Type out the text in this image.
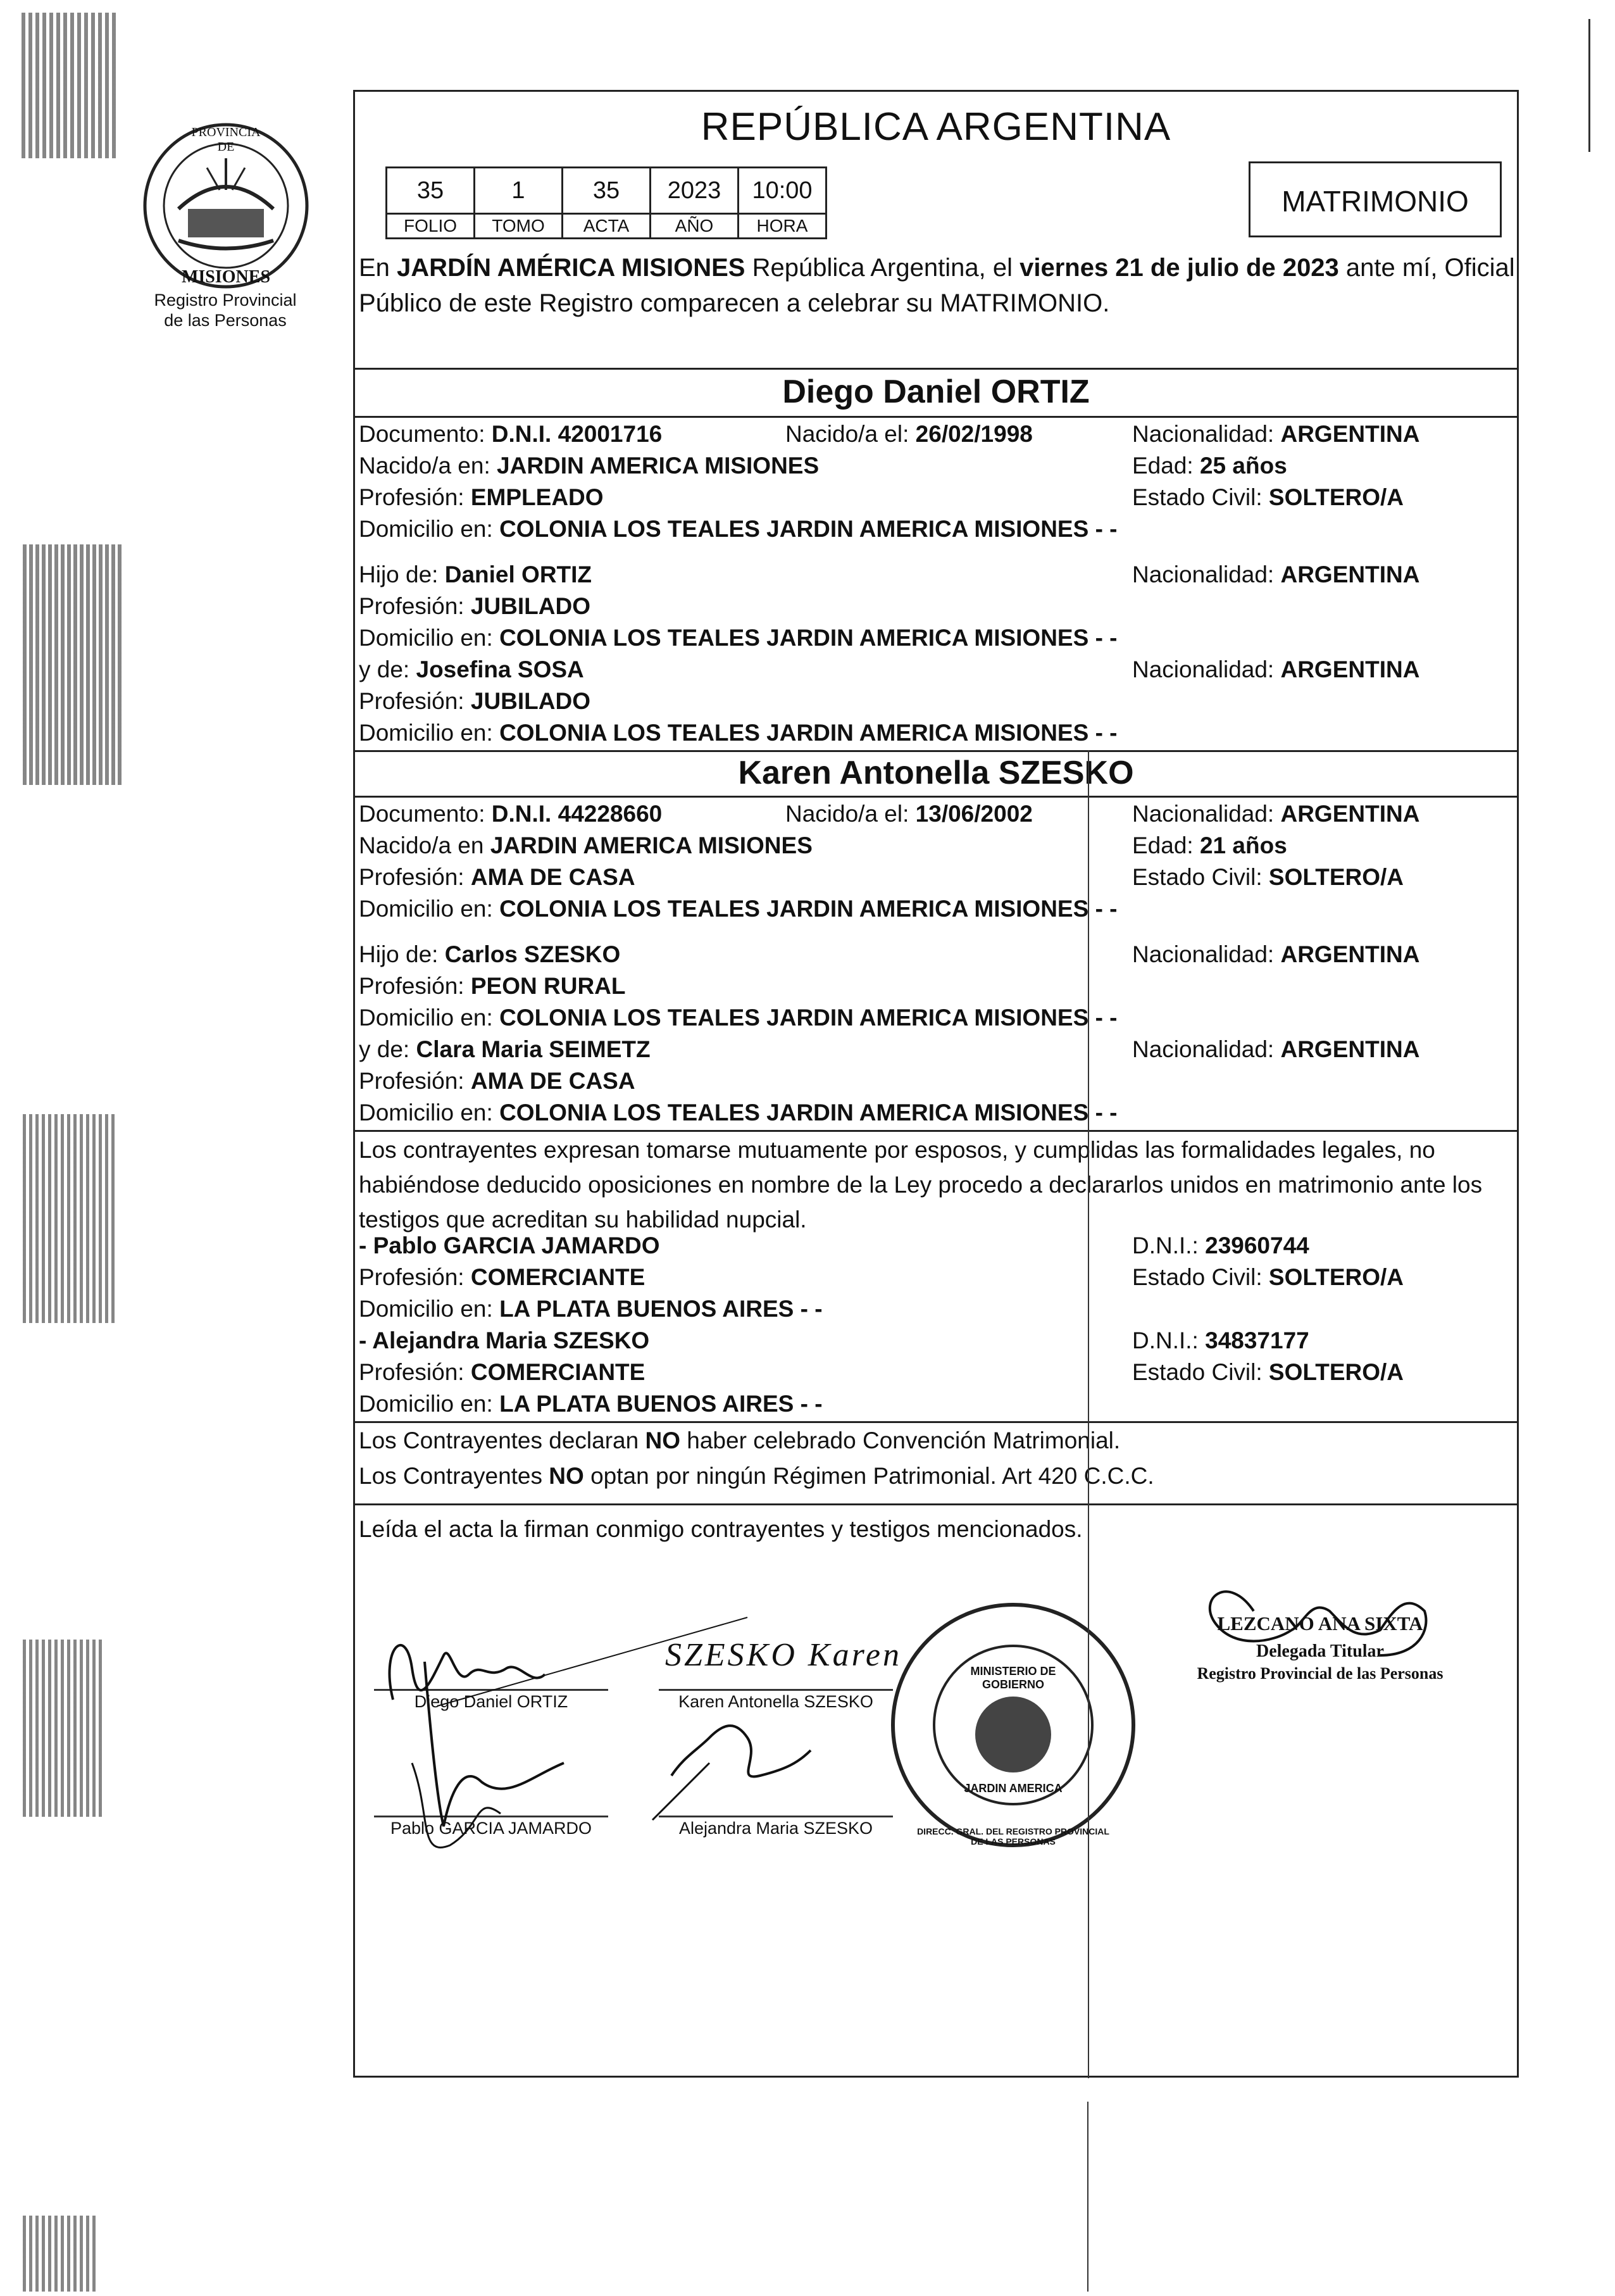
PROVINCIA DE
MISIONES
Registro Provincial
de las Personas
REPÚBLICA ARGENTINA
35	1	35	2023	10:00
FOLIO	TOMO	ACTA	AÑO	HORA
MATRIMONIO
En JARDÍN AMÉRICA MISIONES República Argentina, el viernes 21 de julio de 2023 ante mí, Oficial Público de este Registro comparecen a celebrar su MATRIMONIO.
Diego Daniel ORTIZ
Documento: D.N.I. 42001716	Nacido/a el: 26/02/1998	Nacionalidad: ARGENTINA
Nacido/a en: JARDIN AMERICA MISIONES	Edad: 25 años
Profesión: EMPLEADO	Estado Civil: SOLTERO/A
Domicilio en: COLONIA LOS TEALES JARDIN AMERICA MISIONES - -
Hijo de: Daniel ORTIZ	Nacionalidad: ARGENTINA
Profesión: JUBILADO
Domicilio en: COLONIA LOS TEALES JARDIN AMERICA MISIONES - -
y de: Josefina SOSA	Nacionalidad: ARGENTINA
Profesión: JUBILADO
Domicilio en: COLONIA LOS TEALES JARDIN AMERICA MISIONES - -
Karen Antonella SZESKO
Documento: D.N.I. 44228660	Nacido/a el: 13/06/2002	Nacionalidad: ARGENTINA
Nacido/a en JARDIN AMERICA MISIONES	Edad: 21 años
Profesión: AMA DE CASA	Estado Civil: SOLTERO/A
Domicilio en: COLONIA LOS TEALES JARDIN AMERICA MISIONES - -
Hijo de: Carlos SZESKO	Nacionalidad: ARGENTINA
Profesión: PEON RURAL
Domicilio en: COLONIA LOS TEALES JARDIN AMERICA MISIONES - -
y de: Clara Maria SEIMETZ	Nacionalidad: ARGENTINA
Profesión: AMA DE CASA
Domicilio en: COLONIA LOS TEALES JARDIN AMERICA MISIONES - -
Los contrayentes expresan tomarse mutuamente por esposos, y cumplidas las formalidades legales, no habiéndose deducido oposiciones en nombre de la Ley procedo a declararlos unidos en matrimonio ante los testigos que acreditan su habilidad nupcial.
- Pablo GARCIA JAMARDO	D.N.I.: 23960744
Profesión: COMERCIANTE	Estado Civil: SOLTERO/A
Domicilio en: LA PLATA BUENOS AIRES - -
- Alejandra Maria SZESKO	D.N.I.: 34837177
Profesión: COMERCIANTE	Estado Civil: SOLTERO/A
Domicilio en: LA PLATA BUENOS AIRES - -
Los Contrayentes declaran NO haber celebrado Convención Matrimonial.
Los Contrayentes NO optan por ningún Régimen Patrimonial. Art 420 C.C.C.
Leída el acta la firman conmigo contrayentes y testigos mencionados.
Diego Daniel ORTIZ	Karen Antonella SZESKO
Pablo GARCIA JAMARDO	Alejandra Maria SZESKO
SZESKO Karen
LEZCANO ANA SIXTA
Delegada Titular
Registro Provincial de las Personas
DIRECC. GRAL. DEL REGISTRO PROVINCIAL DE LAS PERSONAS
MINISTERIO DE GOBIERNO
JARDIN AMERICA
